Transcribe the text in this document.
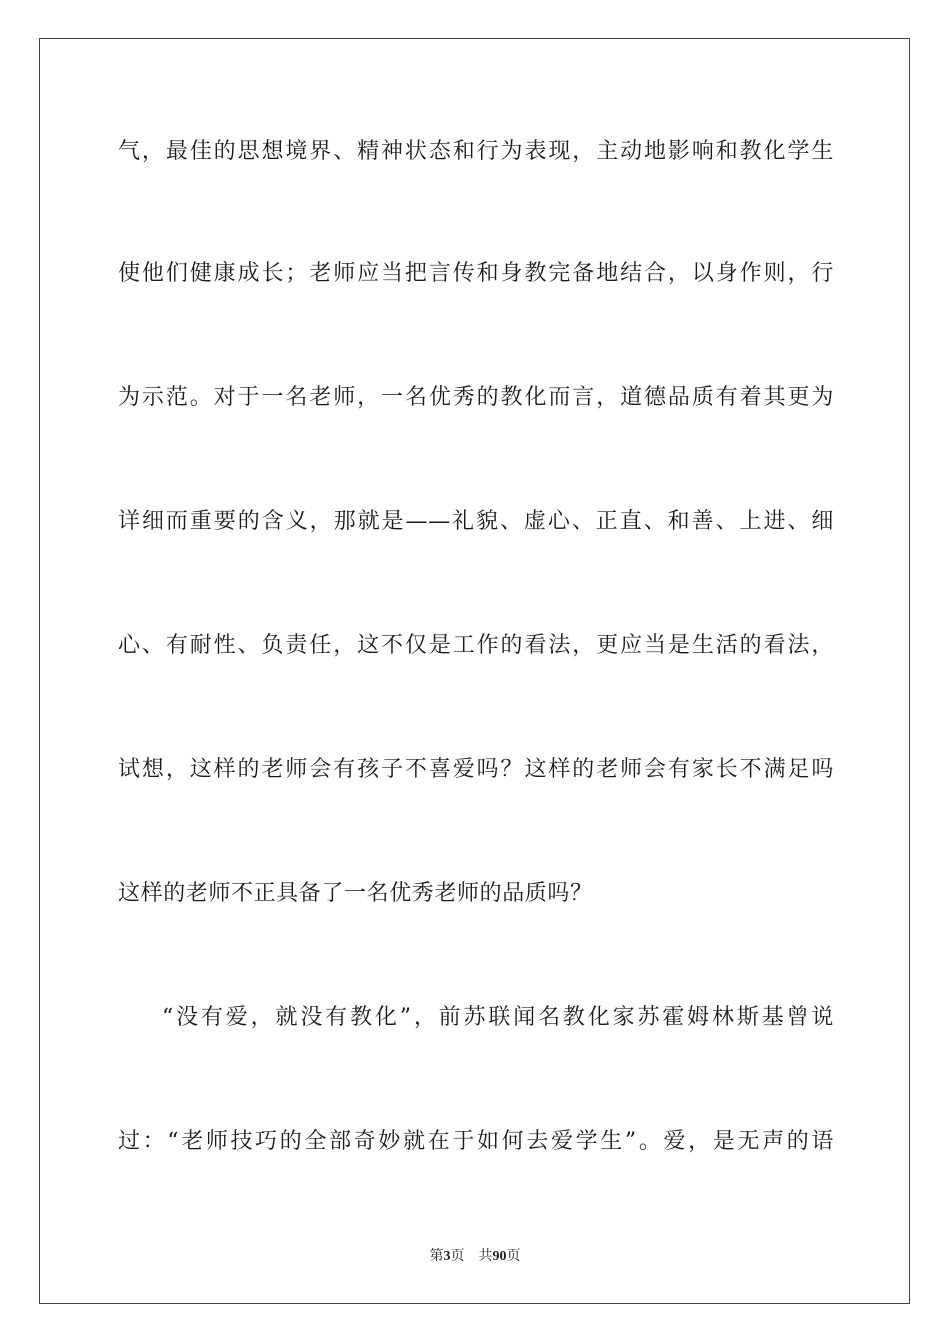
气，最佳的思想境界、精神状态和行为表现，主动地影响和教化学生
使他们健康成长；老师应当把言传和身教完备地结合，以身作则，行
为示范。对于一名老师，一名优秀的教化而言，道德品质有着其更为
详细而重要的含义，那就是——礼貌、虚心、正直、和善、上进、细
心、有耐性、负责任，这不仅是工作的看法，更应当是生活的看法，
试想，这样的老师会有孩子不喜爱吗？这样的老师会有家长不满足吗
这样的老师不正具备了一名优秀老师的品质吗？
“没有爱，就没有教化”，前苏联闻名教化家苏霍姆林斯基曾说
过：“老师技巧的全部奇妙就在于如何去爱学生”。爱，是无声的语
第3页 共90页
